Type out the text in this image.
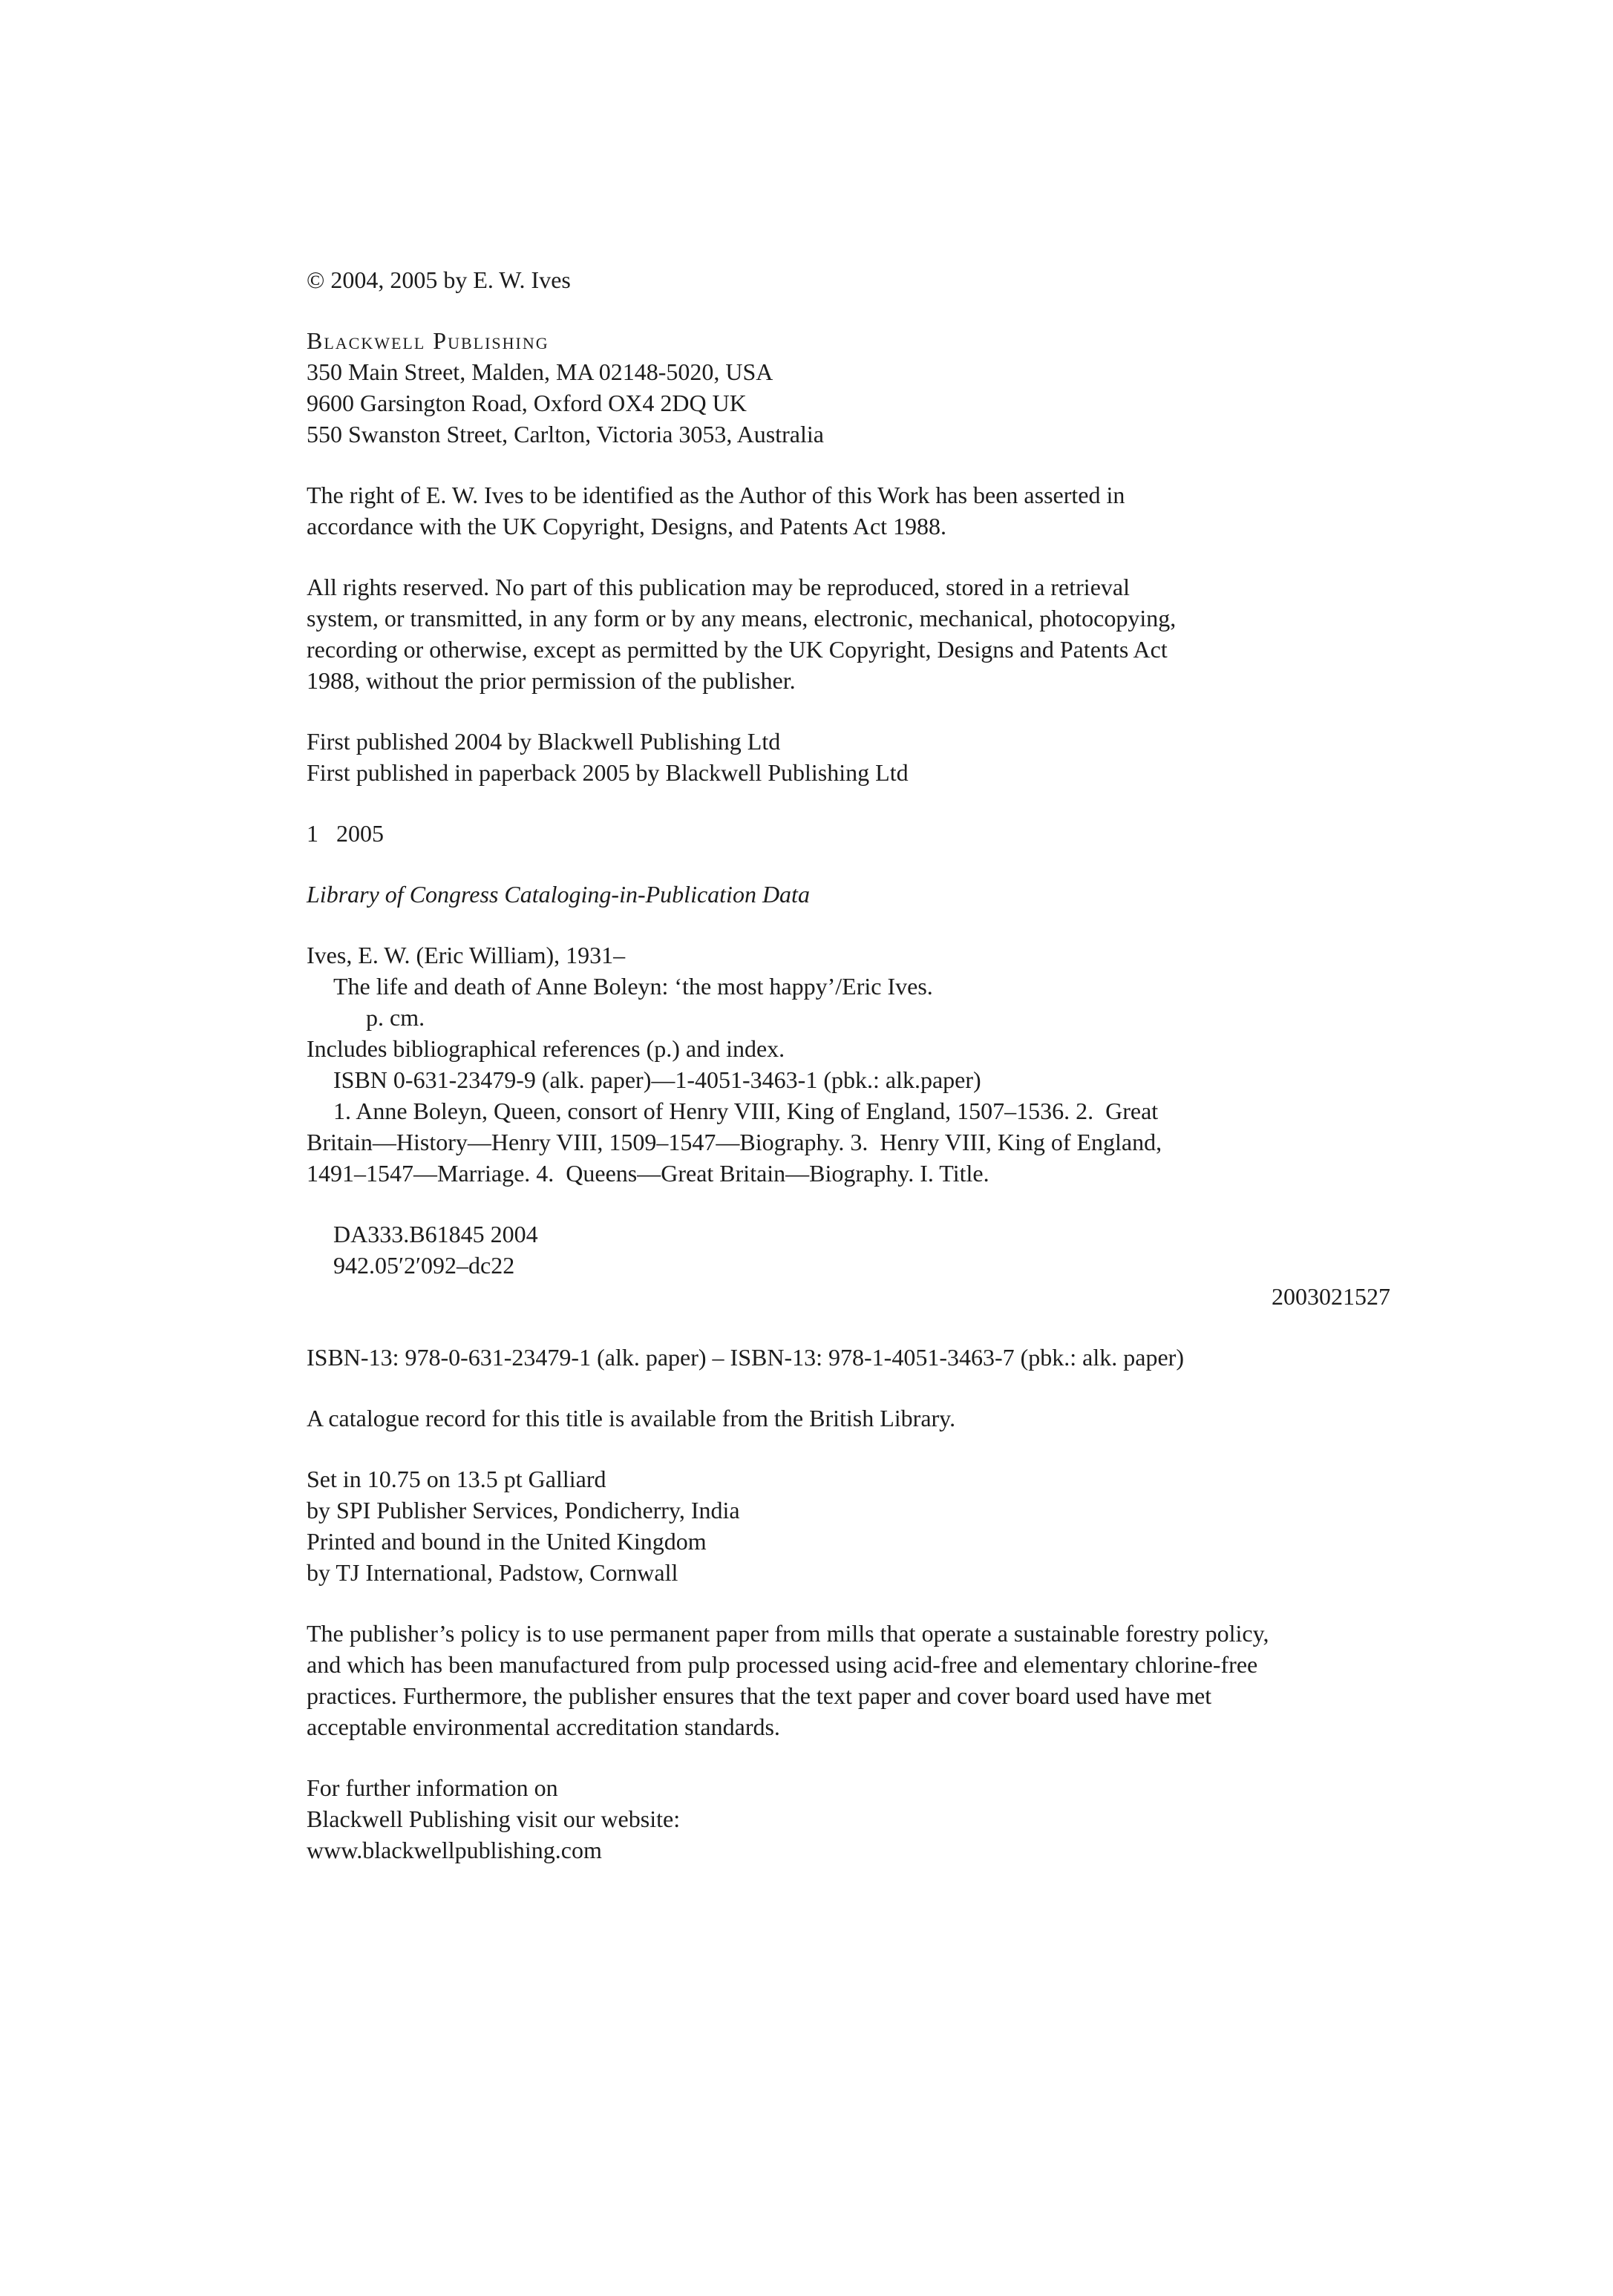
© 2004, 2005 by E. W. Ives
Blackwell Publishing
350 Main Street, Malden, MA 02148-5020, USA
9600 Garsington Road, Oxford OX4 2DQ UK
550 Swanston Street, Carlton, Victoria 3053, Australia
The right of E. W. Ives to be identified as the Author of this Work has been asserted in
accordance with the UK Copyright, Designs, and Patents Act 1988.
All rights reserved. No part of this publication may be reproduced, stored in a retrieval
system, or transmitted, in any form or by any means, electronic, mechanical, photocopying,
recording or otherwise, except as permitted by the UK Copyright, Designs and Patents Act
1988, without the prior permission of the publisher.
First published 2004 by Blackwell Publishing Ltd
First published in paperback 2005 by Blackwell Publishing Ltd
1   2005
Library of Congress Cataloging-in-Publication Data
Ives, E. W. (Eric William), 1931–
The life and death of Anne Boleyn: ‘the most happy’/Eric Ives.
p. cm.
Includes bibliographical references (p.) and index.
ISBN 0-631-23479-9 (alk. paper)—1-4051-3463-1 (pbk.: alk.paper)
1. Anne Boleyn, Queen, consort of Henry VIII, King of England, 1507–1536. 2.  Great
Britain—History—Henry VIII, 1509–1547—Biography. 3.  Henry VIII, King of England,
1491–1547—Marriage. 4.  Queens—Great Britain—Biography. I. Title.
DA333.B61845 2004
942.05′2′092–dc22
2003021527
ISBN-13: 978-0-631-23479-1 (alk. paper) – ISBN-13: 978-1-4051-3463-7 (pbk.: alk. paper)
A catalogue record for this title is available from the British Library.
Set in 10.75 on 13.5 pt Galliard
by SPI Publisher Services, Pondicherry, India
Printed and bound in the United Kingdom
by TJ International, Padstow, Cornwall
The publisher’s policy is to use permanent paper from mills that operate a sustainable forestry policy,
and which has been manufactured from pulp processed using acid-free and elementary chlorine-free
practices. Furthermore, the publisher ensures that the text paper and cover board used have met
acceptable environmental accreditation standards.
For further information on
Blackwell Publishing visit our website:
www.blackwellpublishing.com
